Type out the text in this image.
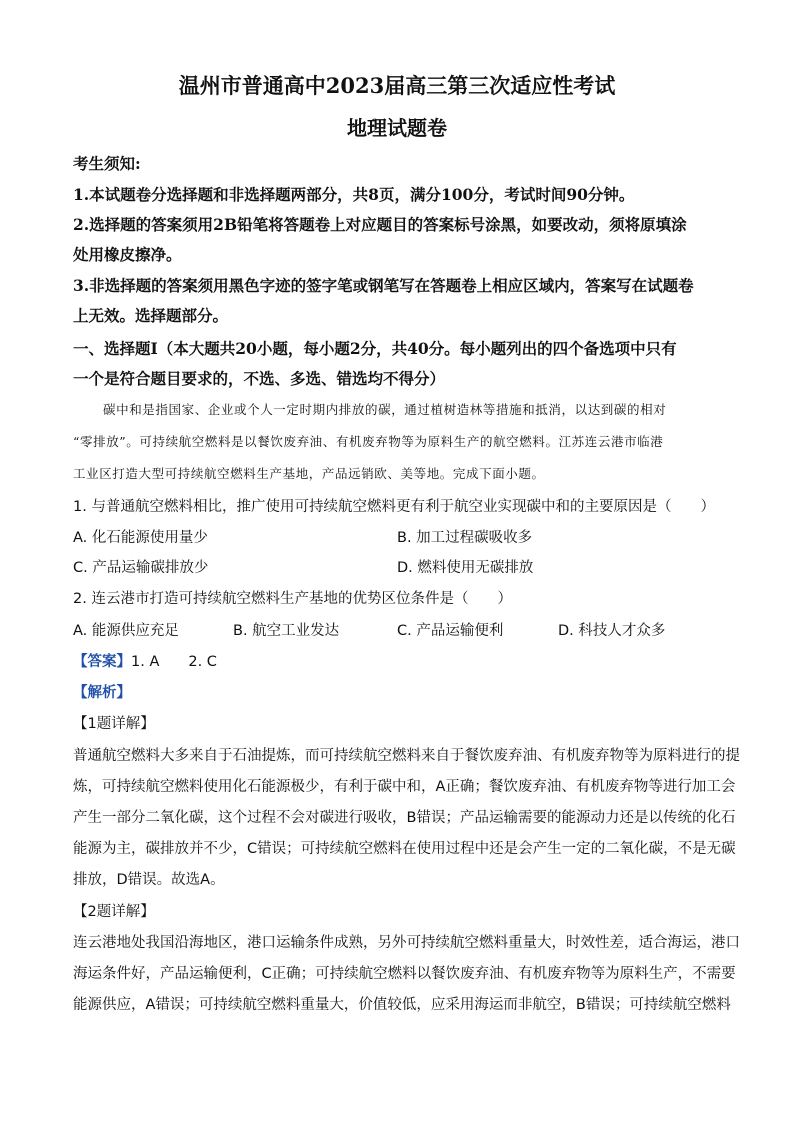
温州市普通高中2023届高三第三次适应性考试
地理试题卷
考生须知:
1.本试题卷分选择题和非选择题两部分，共8页，满分100分，考试时间90分钟。
2.选择题的答案须用2B铅笔将答题卷上对应题目的答案标号涂黑，如要改动，须将原填涂
处用橡皮擦净。
3.非选择题的答案须用黑色字迹的签字笔或钢笔写在答题卷上相应区域内，答案写在试题卷
上无效。选择题部分。
一、选择题Ⅰ（本大题共20小题，每小题2分，共40分。每小题列出的四个备选项中只有
一个是符合题目要求的，不选、多选、错选均不得分）
碳中和是指国家、企业或个人一定时期内排放的碳，通过植树造林等措施和抵消，以达到碳的相对
“零排放”。可持续航空燃料是以餐饮废弃油、有机废弃物等为原料生产的航空燃料。江苏连云港市临港
工业区打造大型可持续航空燃料生产基地，产品远销欧、美等地。完成下面小题。
1. 与普通航空燃料相比，推广使用可持续航空燃料更有利于航空业实现碳中和的主要原因是（　　）
A. 化石能源使用量少	B. 加工过程碳吸收多
C. 产品运输碳排放少	D. 燃料使用无碳排放
2. 连云港市打造可持续航空燃料生产基地的优势区位条件是（　　）
A. 能源供应充足	B. 航空工业发达	C. 产品运输便利	D. 科技人才众多
【答案】1. A　　2. C
【解析】
【1题详解】
普通航空燃料大多来自于石油提炼，而可持续航空燃料来自于餐饮废弃油、有机废弃物等为原料进行的提
炼，可持续航空燃料使用化石能源极少，有利于碳中和，A正确；餐饮废弃油、有机废弃物等进行加工会
产生一部分二氧化碳，这个过程不会对碳进行吸收，B错误；产品运输需要的能源动力还是以传统的化石
能源为主，碳排放并不少，C错误；可持续航空燃料在使用过程中还是会产生一定的二氧化碳，不是无碳
排放，D错误。故选A。
【2题详解】
连云港地处我国沿海地区，港口运输条件成熟，另外可持续航空燃料重量大，时效性差，适合海运，港口
海运条件好，产品运输便利，C正确；可持续航空燃料以餐饮废弃油、有机废弃物等为原料生产，不需要
能源供应，A错误；可持续航空燃料重量大，价值较低，应采用海运而非航空，B错误；可持续航空燃料
